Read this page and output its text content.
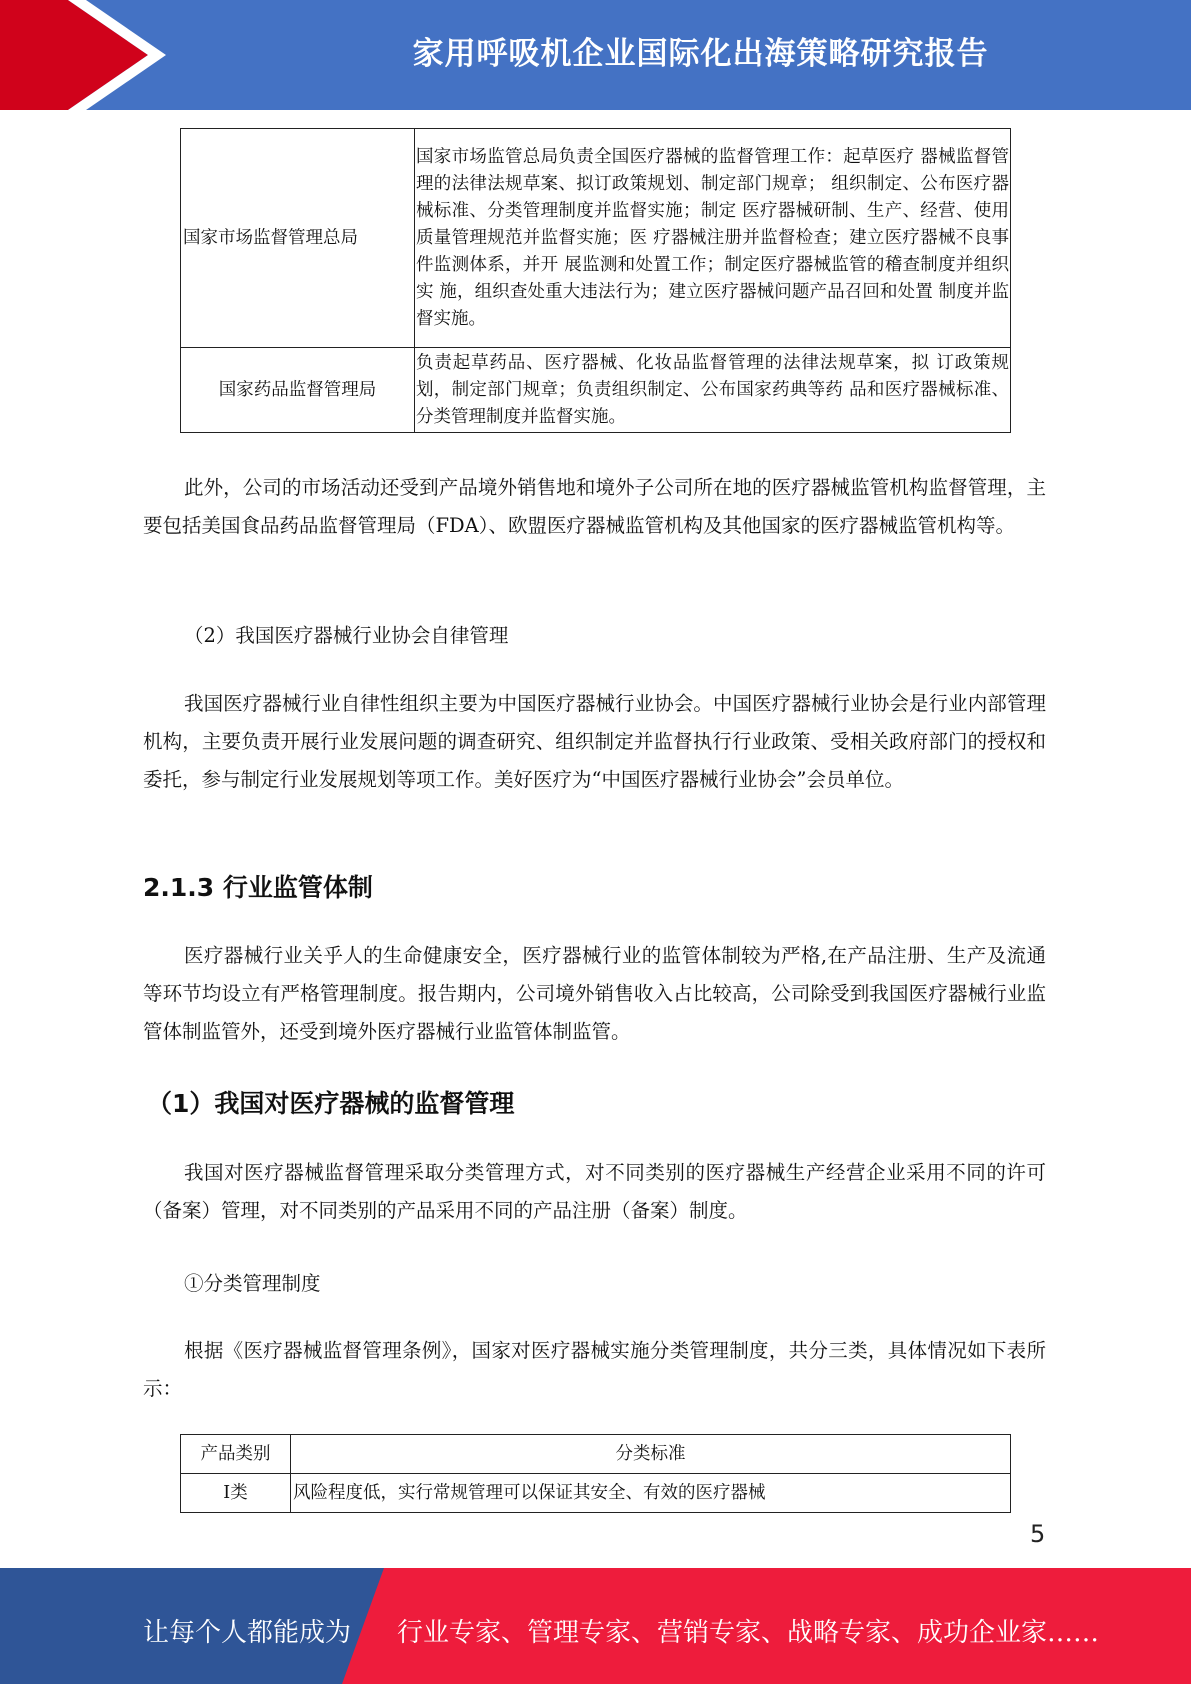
家用呼吸机企业国际化出海策略研究报告
国家市场监督管理总局	国家市场监管总局负责全国医疗器械的监督管理工作：起草医疗 器械监督管理的法律法规草案、拟订政策规划、制定部门规章； 组织制定、公布医疗器械标准、分类管理制度并监督实施；制定 医疗器械研制、生产、经营、使用质量管理规范并监督实施；医 疗器械注册并监督检查；建立医疗器械不良事件监测体系，并开 展监测和处置工作；制定医疗器械监管的稽查制度并组织实 施，组织查处重大违法行为；建立医疗器械问题产品召回和处置 制度并监督实施。
国家药品监督管理局	负责起草药品、医疗器械、化妆品监督管理的法律法规草案，拟 订政策规划，制定部门规章；负责组织制定、公布国家药典等药 品和医疗器械标准、分类管理制度并监督实施。

此外，公司的市场活动还受到产品境外销售地和境外子公司所在地的医疗器械监管机构监督管理，主要包括美国食品药品监督管理局（FDA）、欧盟医疗器械监管机构及其他国家的医疗器械监管机构等。

（2）我国医疗器械行业协会自律管理

我国医疗器械行业自律性组织主要为中国医疗器械行业协会。中国医疗器械行业协会是行业内部管理机构，主要负责开展行业发展问题的调查研究、组织制定并监督执行行业政策、受相关政府部门的授权和委托，参与制定行业发展规划等项工作。美好医疗为“中国医疗器械行业协会”会员单位。

2.1.3 行业监管体制

医疗器械行业关乎人的生命健康安全，医疗器械行业的监管体制较为严格,在产品注册、生产及流通等环节均设立有严格管理制度。报告期内，公司境外销售收入占比较高，公司除受到我国医疗器械行业监管体制监管外，还受到境外医疗器械行业监管体制监管。

（1）我国对医疗器械的监督管理

我国对医疗器械监督管理采取分类管理方式，对不同类别的医疗器械生产经营企业采用不同的许可（备案）管理，对不同类别的产品采用不同的产品注册（备案）制度。

①分类管理制度

根据《医疗器械监督管理条例》，国家对医疗器械实施分类管理制度，共分三类，具体情况如下表所示：

产品类别	分类标准
I类	风险程度低，实行常规管理可以保证其安全、有效的医疗器械
5
让每个人都能成为 行业专家、管理专家、营销专家、战略专家、成功企业家……
